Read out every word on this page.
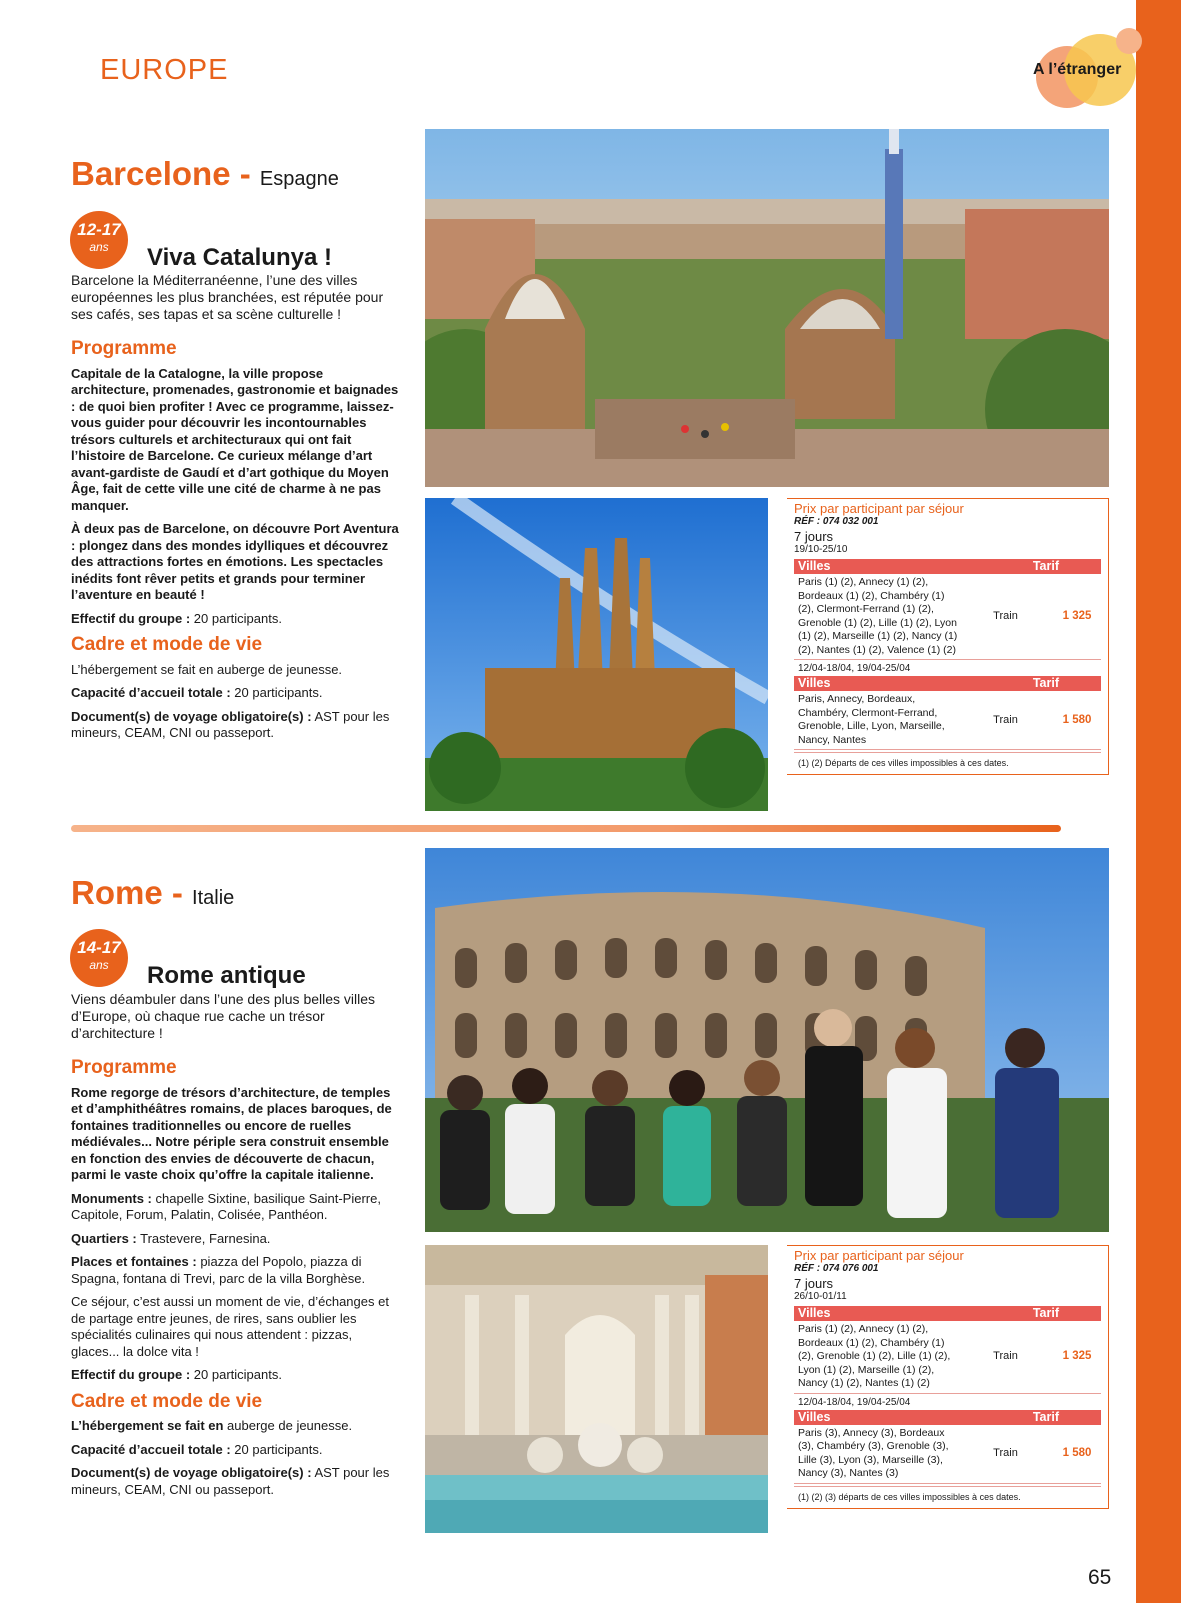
EUROPE	A l’étranger
Barcelone - Espagne
12-17
ans	Viva Catalunya !

Barcelone la Méditerranéenne, l’une des villes européennes les plus branchées, est réputée pour ses cafés, ses tapas et sa scène culturelle !

Programme

Capitale de la Catalogne, la ville propose architecture, promenades, gastronomie et baignades : de quoi bien profiter ! Avec ce programme, laissez-vous guider pour découvrir les incontournables trésors culturels et architecturaux qui ont fait l’histoire de Barcelone. Ce curieux mélange d’art avant-gardiste de Gaudí et d’art gothique du Moyen Âge, fait de cette ville une cité de charme à ne pas manquer.

À deux pas de Barcelone, on découvre Port Aventura : plongez dans des mondes idylliques et découvrez des attractions fortes en émotions. Les spectacles inédits font rêver petits et grands pour terminer l’aventure en beauté !

Effectif du groupe : 20 participants.

Cadre et mode de vie

L’hébergement se fait en auberge de jeunesse.

Capacité d’accueil totale : 20 participants.

Document(s) de voyage obligatoire(s) : AST pour les mineurs, CEAM, CNI ou passeport.

Prix par participant par séjour
RÉF : 074 032 001
7 jours
19/10-25/10
Villes	Tarif
Paris (1) (2), Annecy (1) (2), Bordeaux (1) (2), Chambéry (1) (2), Clermont-Ferrand (1) (2), Grenoble (1) (2), Lille (1) (2), Lyon (1) (2), Marseille (1) (2), Nancy (1) (2), Nantes (1) (2), Valence (1) (2)
Train	1 325
12/04-18/04, 19/04-25/04
Villes	Tarif
Paris, Annecy, Bordeaux, Chambéry, Clermont-Ferrand, Grenoble, Lille, Lyon, Marseille, Nancy, Nantes
Train	1 580
(1) (2) Départs de ces villes impossibles à ces dates.
Rome - Italie
14-17
ans	Rome antique

Viens déambuler dans l’une des plus belles villes d’Europe, où chaque rue cache un trésor d’architecture !

Programme

Rome regorge de trésors d’architecture, de temples et d’amphithéâtres romains, de places baroques, de fontaines traditionnelles ou encore de ruelles médiévales... Notre périple sera construit ensemble en fonction des envies de découverte de chacun, parmi le vaste choix qu’offre la capitale italienne.

Monuments : chapelle Sixtine, basilique Saint-Pierre, Capitole, Forum, Palatin, Colisée, Panthéon.

Quartiers : Trastevere, Farnesina.

Places et fontaines : piazza del Popolo, piazza di Spagna, fontana di Trevi, parc de la villa Borghèse.

Ce séjour, c’est aussi un moment de vie, d’échanges et de partage entre jeunes, de rires, sans oublier les spécialités culinaires qui nous attendent : pizzas, glaces... la dolce vita !

Effectif du groupe : 20 participants.

Cadre et mode de vie

L’hébergement se fait en auberge de jeunesse.

Capacité d’accueil totale : 20 participants.

Document(s) de voyage obligatoire(s) : AST pour les mineurs, CEAM, CNI ou passeport.

Prix par participant par séjour
RÉF : 074 076 001
7 jours
26/10-01/11
Villes	Tarif
Paris (1) (2), Annecy (1) (2), Bordeaux (1) (2), Chambéry (1) (2), Grenoble (1) (2), Lille (1) (2), Lyon (1) (2), Marseille (1) (2), Nancy (1) (2), Nantes (1) (2)
Train	1 325
12/04-18/04, 19/04-25/04
Villes	Tarif
Paris (3), Annecy (3), Bordeaux (3), Chambéry (3), Grenoble (3), Lille (3), Lyon (3), Marseille (3), Nancy (3), Nantes (3)
Train	1 580
(1) (2) (3) départs de ces villes impossibles à ces dates.
65
